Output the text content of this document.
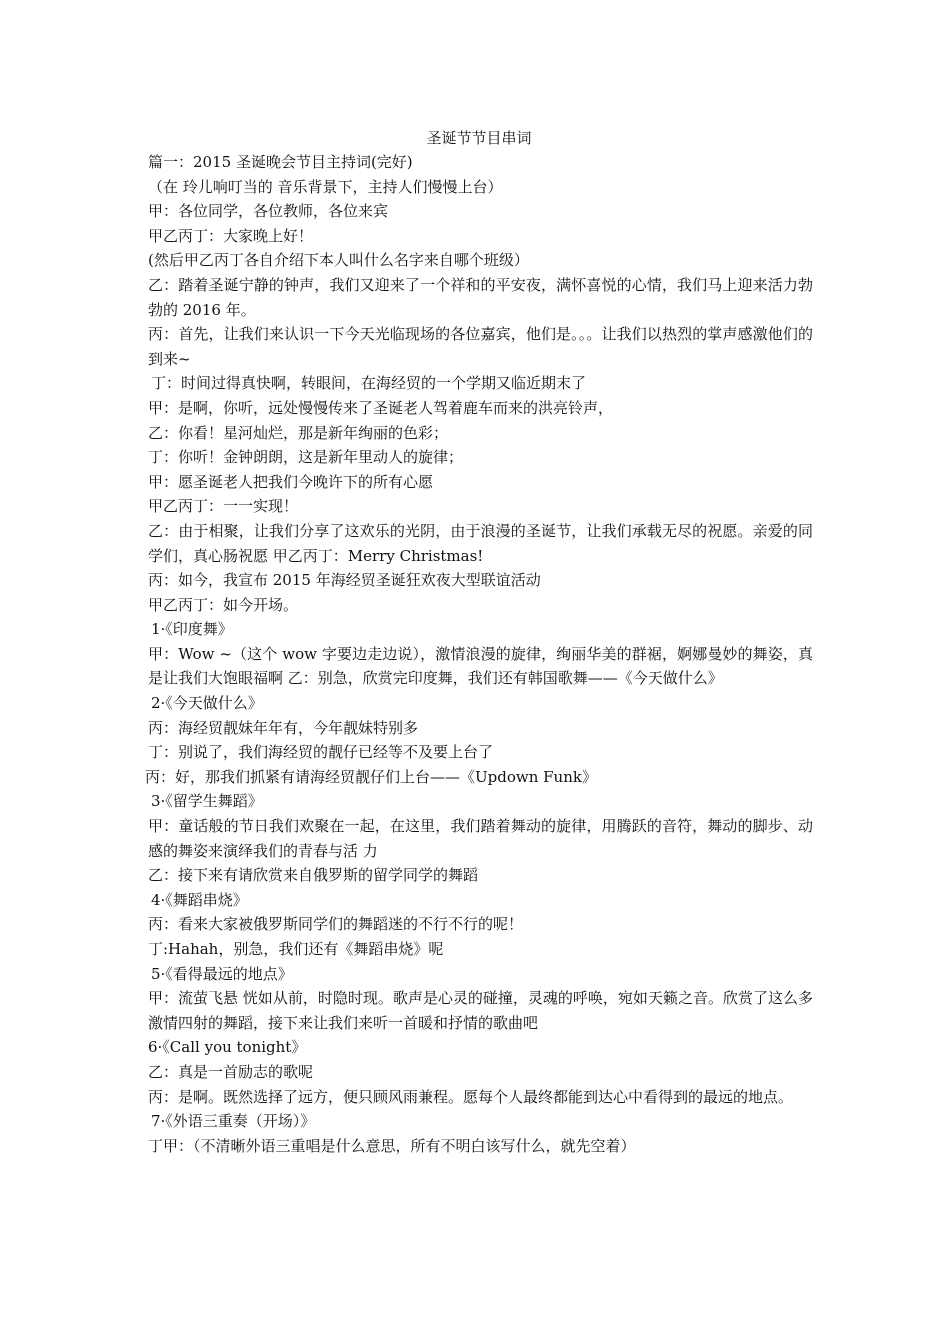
圣诞节节目串词

篇一：2015 圣诞晚会节目主持词(完好)

（在 玲儿响叮当的 音乐背景下，主持人们慢慢上台）

甲：各位同学，各位教师，各位来宾

甲乙丙丁：大家晚上好！

(然后甲乙丙丁各自介绍下本人叫什么名字来自哪个班级）

乙：踏着圣诞宁静的钟声，我们又迎来了一个祥和的平安夜，满怀喜悦的心情，我们马上迎来活力勃勃的 2016 年。

丙：首先，让我们来认识一下今天光临现场的各位嘉宾，他们是。。。让我们以热烈的掌声感激他们的到来~

丁：时间过得真快啊，转眼间，在海经贸的一个学期又临近期末了

甲：是啊，你听，远处慢慢传来了圣诞老人驾着鹿车而来的洪亮铃声，

乙：你看！星河灿烂，那是新年绚丽的色彩；

丁：你听！金钟朗朗，这是新年里动人的旋律；

甲：愿圣诞老人把我们今晚许下的所有心愿

甲乙丙丁：一一实现！

乙：由于相聚，让我们分享了这欢乐的光阴，由于浪漫的圣诞节，让我们承载无尽的祝愿。亲爱的同学们，真心肠祝愿 甲乙丙丁：Merry Christmas!

丙：如今，我宣布 2015 年海经贸圣诞狂欢夜大型联谊活动

甲乙丙丁：如今开场。

1·《印度舞》

甲：Wow ~（这个 wow 字要边走边说），激情浪漫的旋律，绚丽华美的群裾，婀娜曼妙的舞姿，真是让我们大饱眼福啊 乙：别急，欣赏完印度舞，我们还有韩国歌舞——《今天做什么》

2·《今天做什么》

丙：海经贸靓妹年年有，今年靓妹特别多

丁：别说了，我们海经贸的靓仔已经等不及要上台了

丙：好，那我们抓紧有请海经贸靓仔们上台——《Updown Funk》

3·《留学生舞蹈》

甲：童话般的节日我们欢聚在一起，在这里，我们踏着舞动的旋律，用腾跃的音符，舞动的脚步、动感的舞姿来演绎我们的青春与活 力

乙：接下来有请欣赏来自俄罗斯的留学同学的舞蹈

4·《舞蹈串烧》

丙：看来大家被俄罗斯同学们的舞蹈迷的不行不行的呢！

丁:Hahah，别急，我们还有《舞蹈串烧》呢

5·《看得最远的地点》

甲：流萤飞悬 恍如从前，时隐时现。歌声是心灵的碰撞，灵魂的呼唤，宛如天籁之音。欣赏了这么多激情四射的舞蹈，接下来让我们来听一首暖和抒情的歌曲吧

6·《Call you tonight》

乙：真是一首励志的歌呢

丙：是啊。既然选择了远方，便只顾风雨兼程。愿每个人最终都能到达心中看得到的最远的地点。

7·《外语三重奏（开场）》

丁甲：（不清晰外语三重唱是什么意思，所有不明白该写什么，就先空着）
